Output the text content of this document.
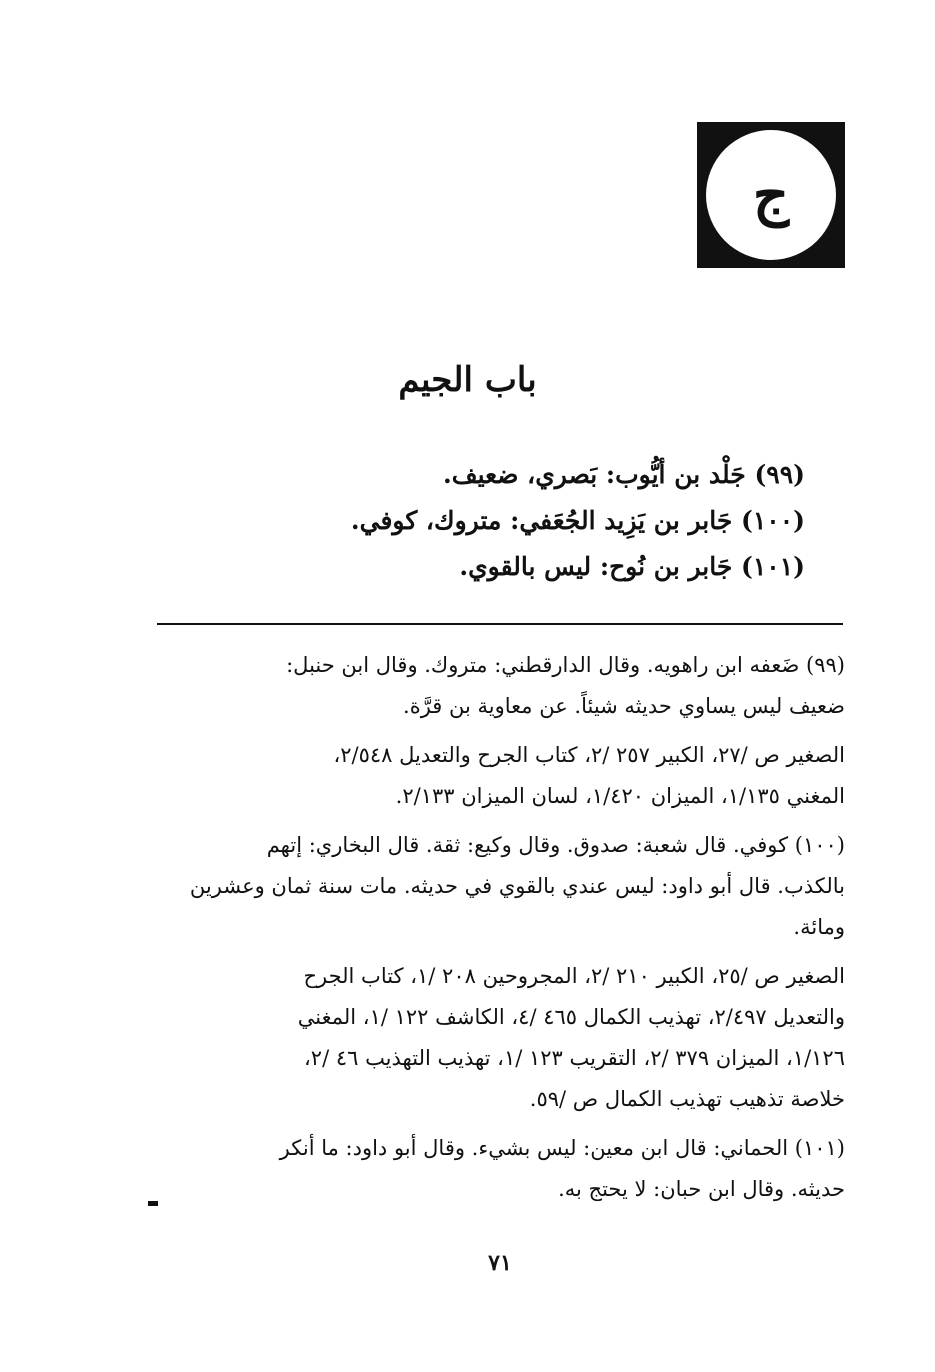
ج
باب الجيم
(٩٩) جَلْد بن أيُّوب: بَصري، ضعيف.
(١٠٠) جَابر بن يَزِيد الجُعَفي: متروك، كوفي.
(١٠١) جَابر بن نُوح: ليس بالقوي.
(٩٩) ضَعفه ابن راهويه. وقال الدارقطني: متروك. وقال ابن حنبل:
ضعيف ليس يساوي حديثه شيئاً. عن معاوية بن قرَّة.
الصغير ص /٢٧، الكبير ٢٥٧ /٢، كتاب الجرح والتعديل ٢/٥٤٨،
المغني ١/١٣٥، الميزان ١/٤٢٠، لسان الميزان ٢/١٣٣.
(١٠٠) كوفي. قال شعبة: صدوق. وقال وكيع: ثقة. قال البخاري: إتهم
بالكذب. قال أبو داود: ليس عندي بالقوي في حديثه. مات سنة ثمان وعشرين
ومائة.
الصغير ص /٢٥، الكبير ٢١٠ /٢، المجروحين ٢٠٨ /١، كتاب الجرح
والتعديل ٢/٤٩٧، تهذيب الكمال ٤٦٥ /٤، الكاشف ١٢٢ /١، المغني
١/١٢٦، الميزان ٣٧٩ /٢، التقريب ١٢٣ /١، تهذيب التهذيب ٤٦ /٢،
خلاصة تذهيب تهذيب الكمال ص /٥٩.
(١٠١) الحماني: قال ابن معين: ليس بشيء. وقال أبو داود: ما أنكر
حديثه. وقال ابن حبان: لا يحتج به.
٧١
